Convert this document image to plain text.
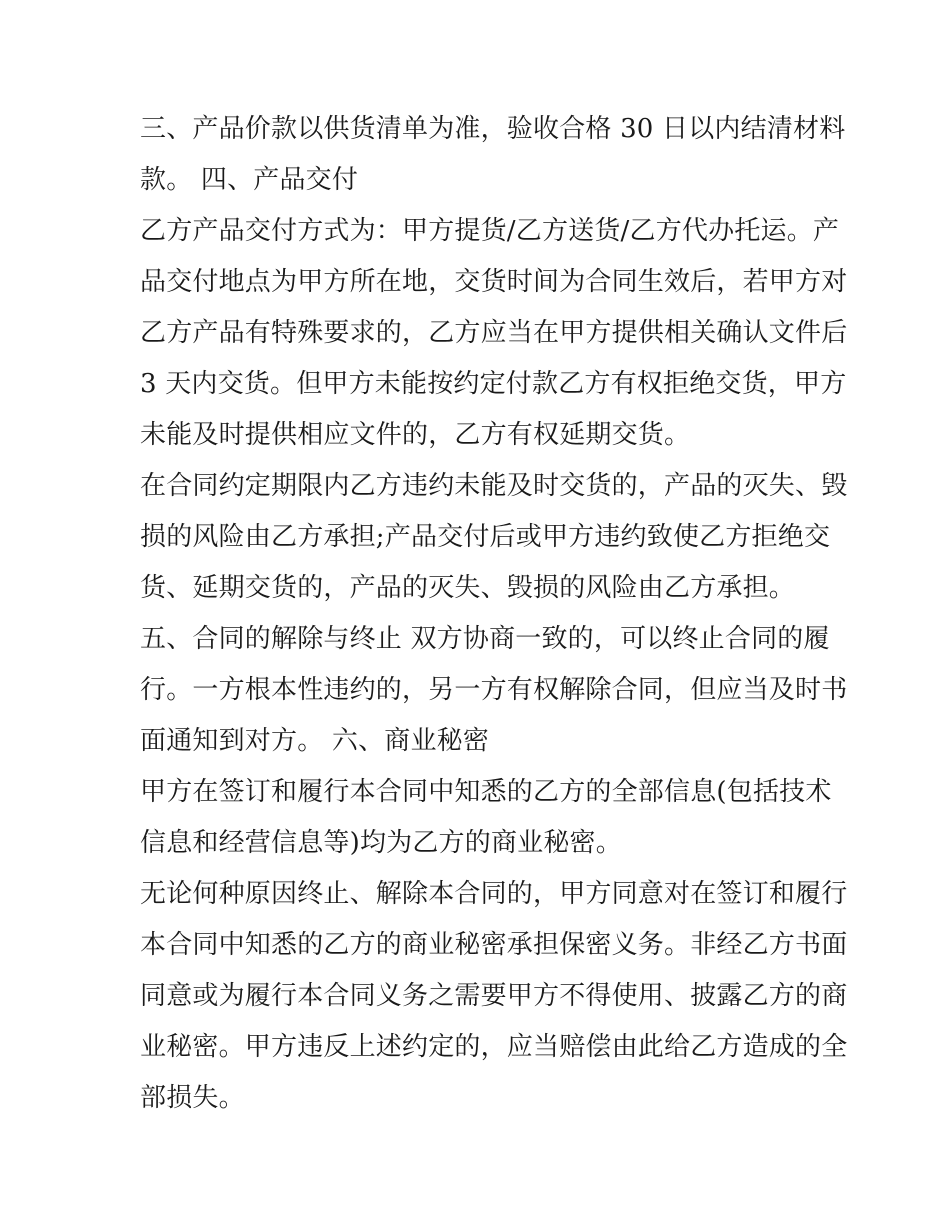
三、产品价款以供货清单为准，验收合格 30 日以内结清材料
款。 四、产品交付
乙方产品交付方式为：甲方提货/乙方送货/乙方代办托运。产
品交付地点为甲方所在地，交货时间为合同生效后，若甲方对
乙方产品有特殊要求的，乙方应当在甲方提供相关确认文件后
3 天内交货。但甲方未能按约定付款乙方有权拒绝交货，甲方
未能及时提供相应文件的，乙方有权延期交货。
在合同约定期限内乙方违约未能及时交货的，产品的灭失、毁
损的风险由乙方承担;产品交付后或甲方违约致使乙方拒绝交
货、延期交货的，产品的灭失、毁损的风险由乙方承担。
五、合同的解除与终止 双方协商一致的，可以终止合同的履
行。一方根本性违约的，另一方有权解除合同，但应当及时书
面通知到对方。 六、商业秘密
甲方在签订和履行本合同中知悉的乙方的全部信息(包括技术
信息和经营信息等)均为乙方的商业秘密。
无论何种原因终止、解除本合同的，甲方同意对在签订和履行
本合同中知悉的乙方的商业秘密承担保密义务。非经乙方书面
同意或为履行本合同义务之需要甲方不得使用、披露乙方的商
业秘密。甲方违反上述约定的，应当赔偿由此给乙方造成的全
部损失。
